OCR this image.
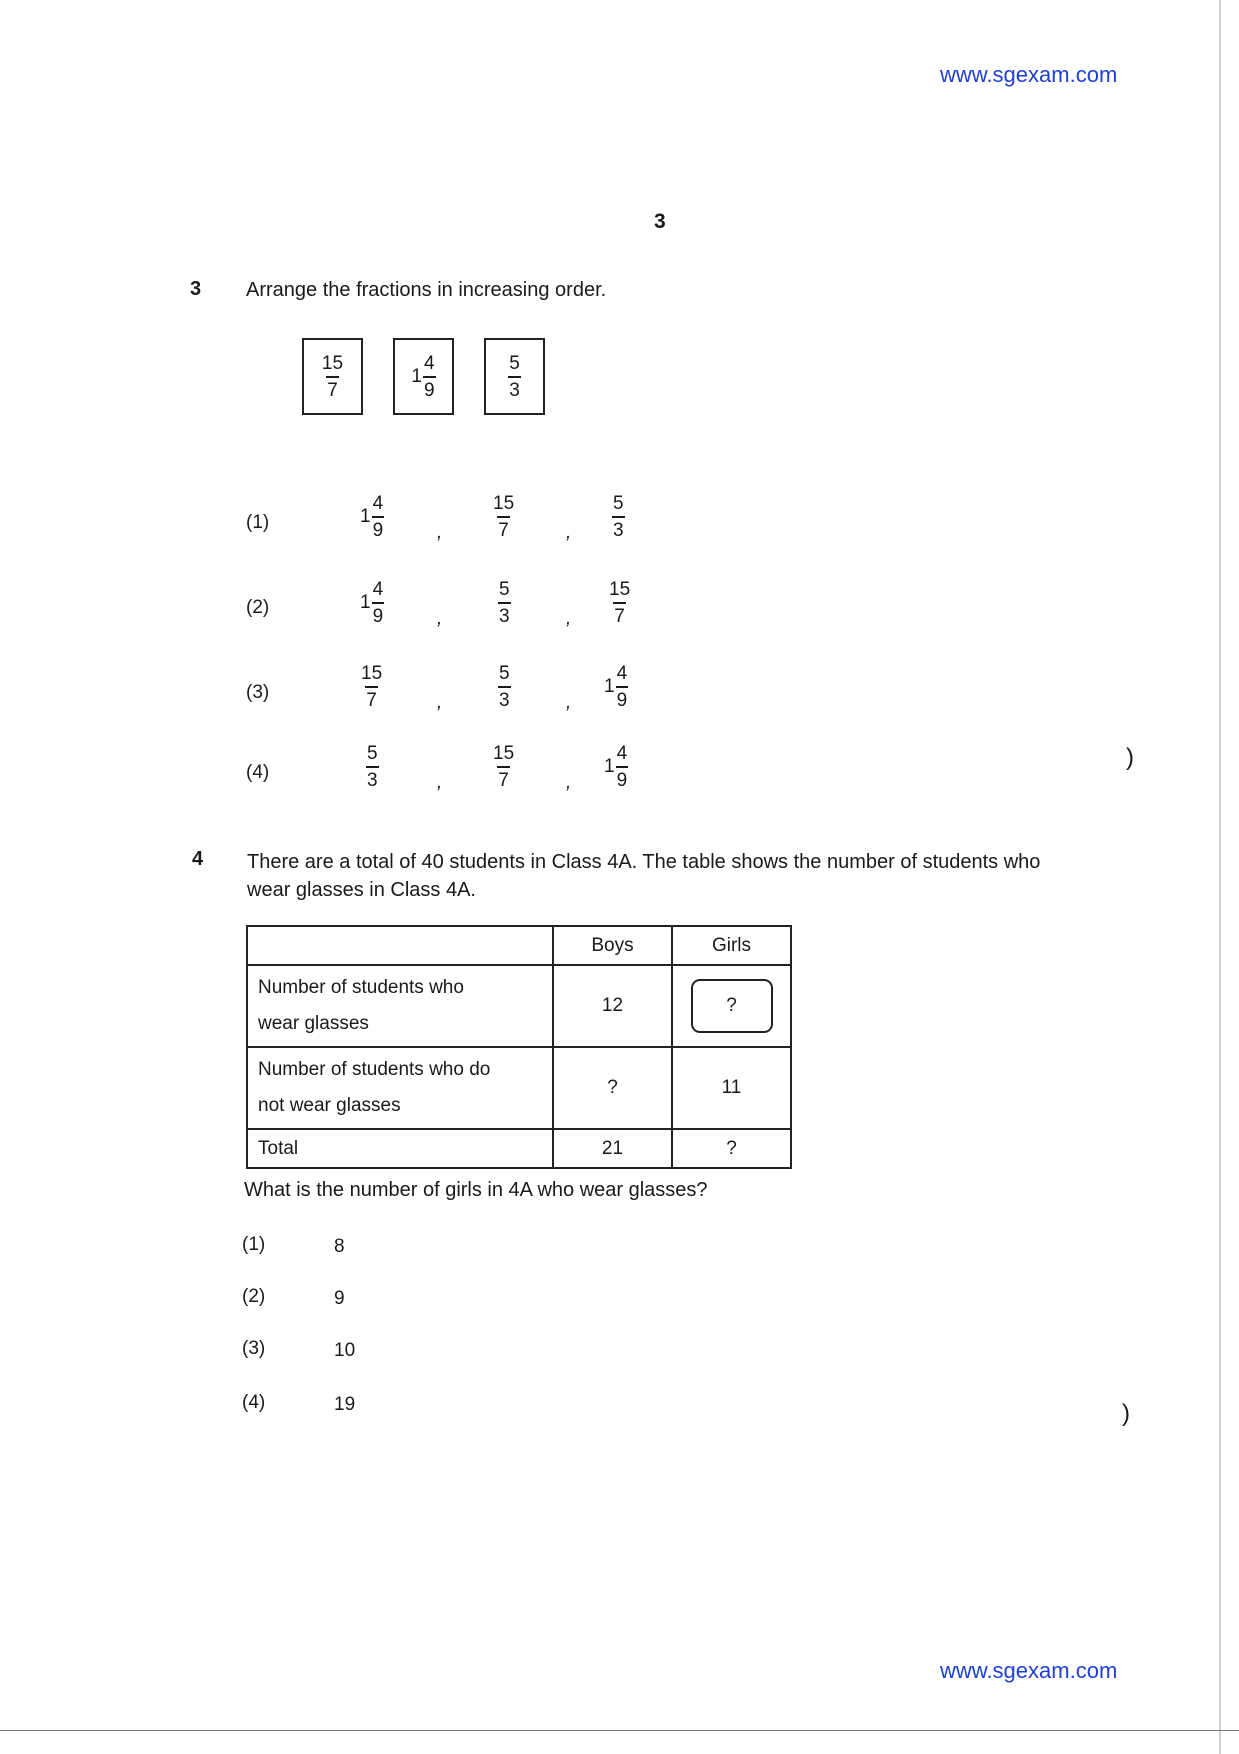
www.sgexam.com
3
3 Arrange the fractions in increasing order.
$\frac{15}{7}$	$1 \frac{4}{9}$	$\frac{5}{3}$
(1)	$1 \frac{4}{9}$	,	$\frac{15}{7}$	, $\frac{5}{3}$
(2)	$1 \frac{4}{9}$	,	$\frac{5}{3}$	, $\frac{15}{7}$
(3)	$\frac{15}{7}$	,	$\frac{5}{3}$	,
$1 \frac{4}{9}$
(4)	$\frac{5}{3}$	,	$\frac{15}{7}$	,
$1 \frac{4}{9}$	)
4 There are a total of 40 students in Class 4A. The table shows the number of students who
wear glasses in Class 4A.
	Boys	Girls

Number of students who
wear glasses	12	?

Number of students who do
not wear glasses	?	11
Total	21	?
What is the number of girls in 4A who wear glasses?
(1)	8
(2)	9
(3)	10
(4)	19	)
www.sgexam.com
